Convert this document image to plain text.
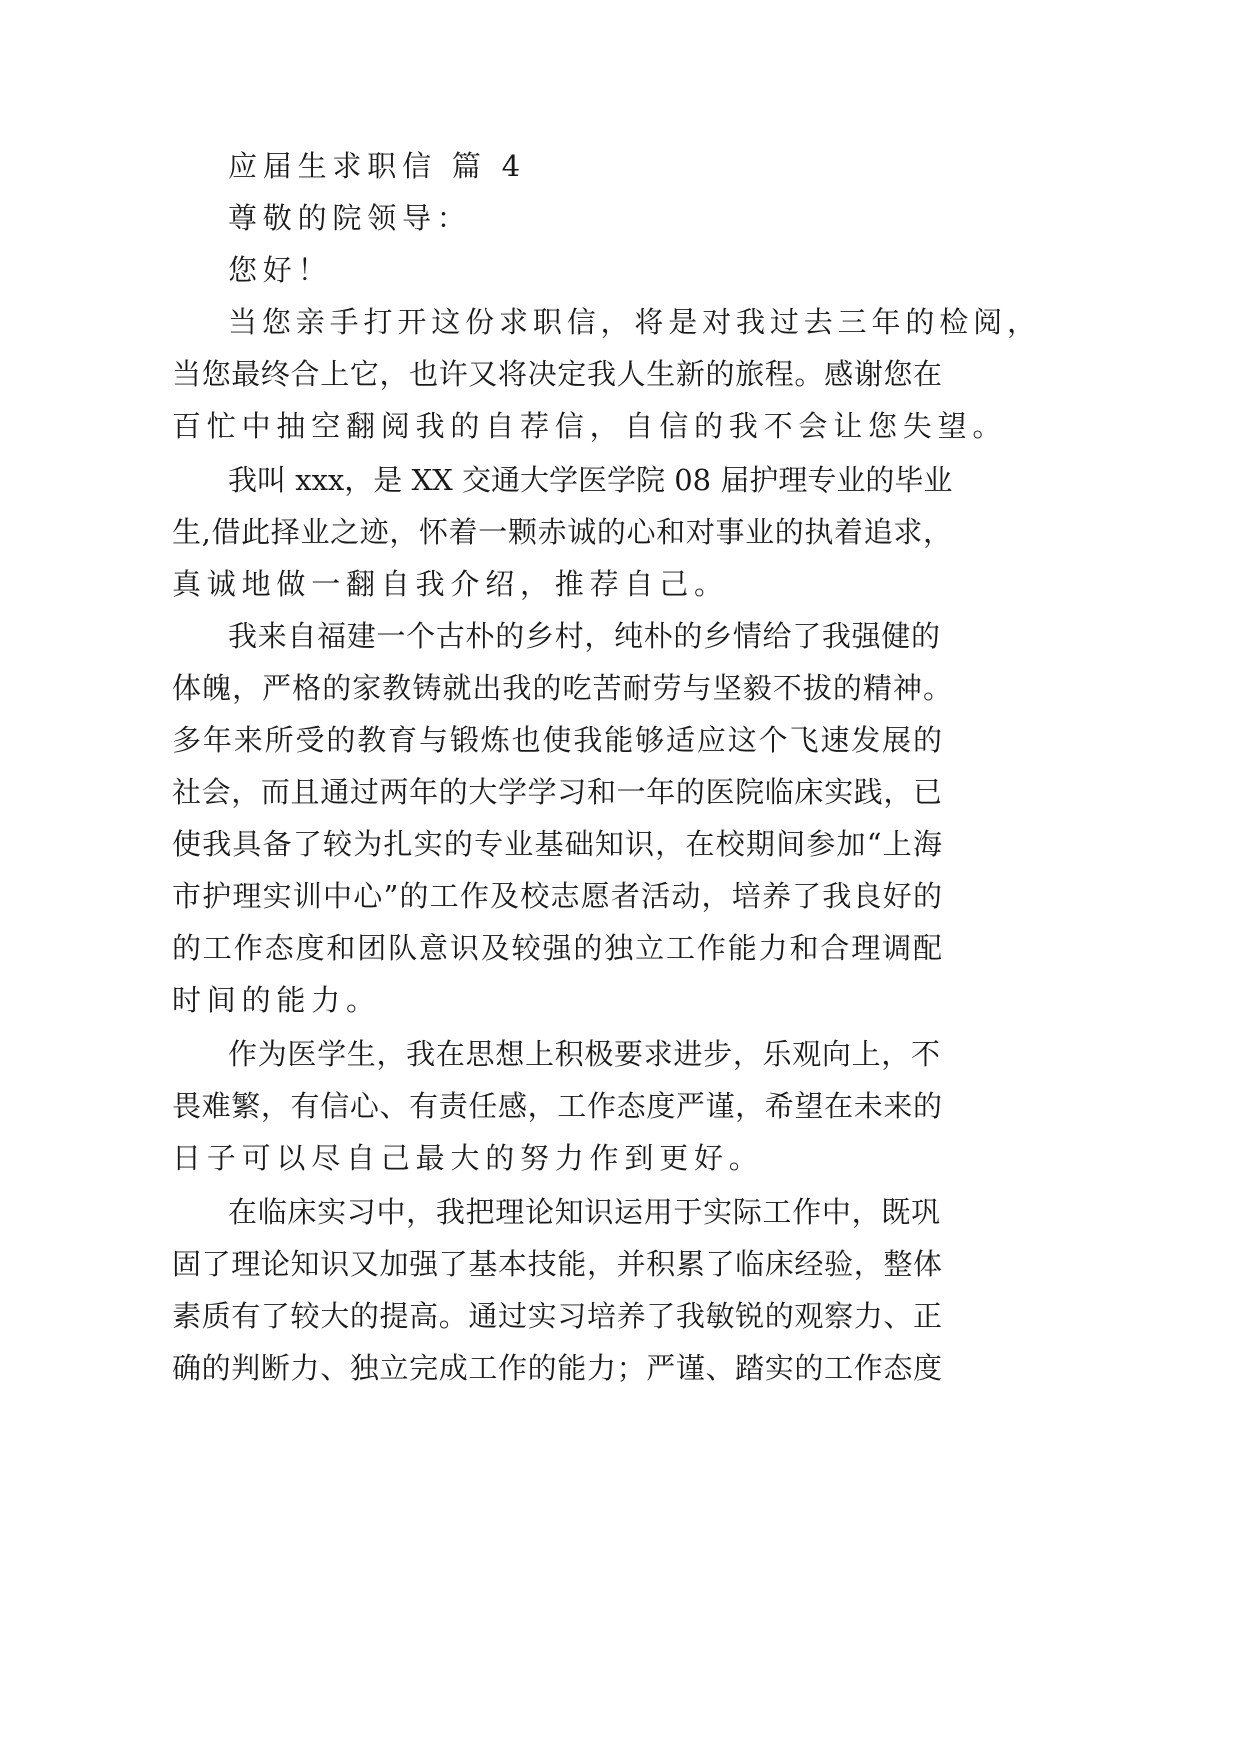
应届生求职信 篇 4
尊敬的院领导：
您好！
当您亲手打开这份求职信，将是对我过去三年的检阅，
当您最终合上它，也许又将决定我人生新的旅程。感谢您在
百忙中抽空翻阅我的自荐信，自信的我不会让您失望。
我叫 xxx，是 XX 交通大学医学院 08 届护理专业的毕业
生,借此择业之迹，怀着一颗赤诚的心和对事业的执着追求，
真诚地做一翻自我介绍，推荐自己。
我来自福建一个古朴的乡村，纯朴的乡情给了我强健的
体魄，严格的家教铸就出我的吃苦耐劳与坚毅不拔的精神。
多年来所受的教育与锻炼也使我能够适应这个飞速发展的
社会，而且通过两年的大学学习和一年的医院临床实践，已
使我具备了较为扎实的专业基础知识，在校期间参加“上海
市护理实训中心”的工作及校志愿者活动，培养了我良好的
的工作态度和团队意识及较强的独立工作能力和合理调配
时间的能力。
作为医学生，我在思想上积极要求进步，乐观向上，不
畏难繁，有信心、有责任感，工作态度严谨，希望在未来的
日子可以尽自己最大的努力作到更好。
在临床实习中，我把理论知识运用于实际工作中，既巩
固了理论知识又加强了基本技能，并积累了临床经验，整体
素质有了较大的提高。通过实习培养了我敏锐的观察力、正
确的判断力、独立完成工作的能力；严谨、踏实的工作态度
